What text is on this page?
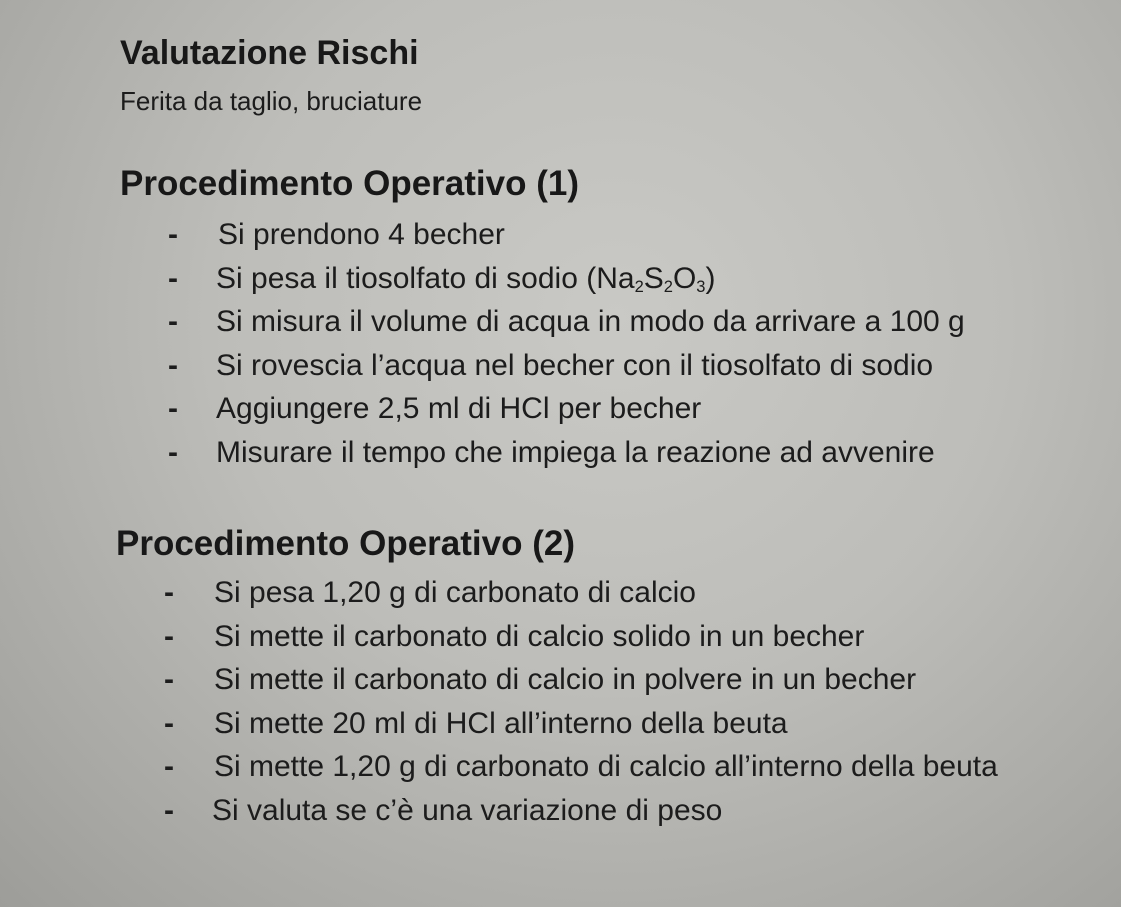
Valutazione Rischi
Ferita da taglio, bruciature
Procedimento Operativo (1)
- Si prendono 4 becher
- Si pesa il tiosolfato di sodio $(Na_2S_2O_3)$
- Si misura il volume di acqua in modo da arrivare a 100 g
- Si rovescia l’acqua nel becher con il tiosolfato di sodio
- Aggiungere 2,5 ml di HCl per becher
- Misurare il tempo che impiega la reazione ad avvenire
Procedimento Operativo (2)
- Si pesa 1,20 g di carbonato di calcio
- Si mette il carbonato di calcio solido in un becher
- Si mette il carbonato di calcio in polvere in un becher
- Si mette 20 ml di HCl all’interno della beuta
- Si mette 1,20 g di carbonato di calcio all’interno della beuta
- Si valuta se c’è una variazione di peso
